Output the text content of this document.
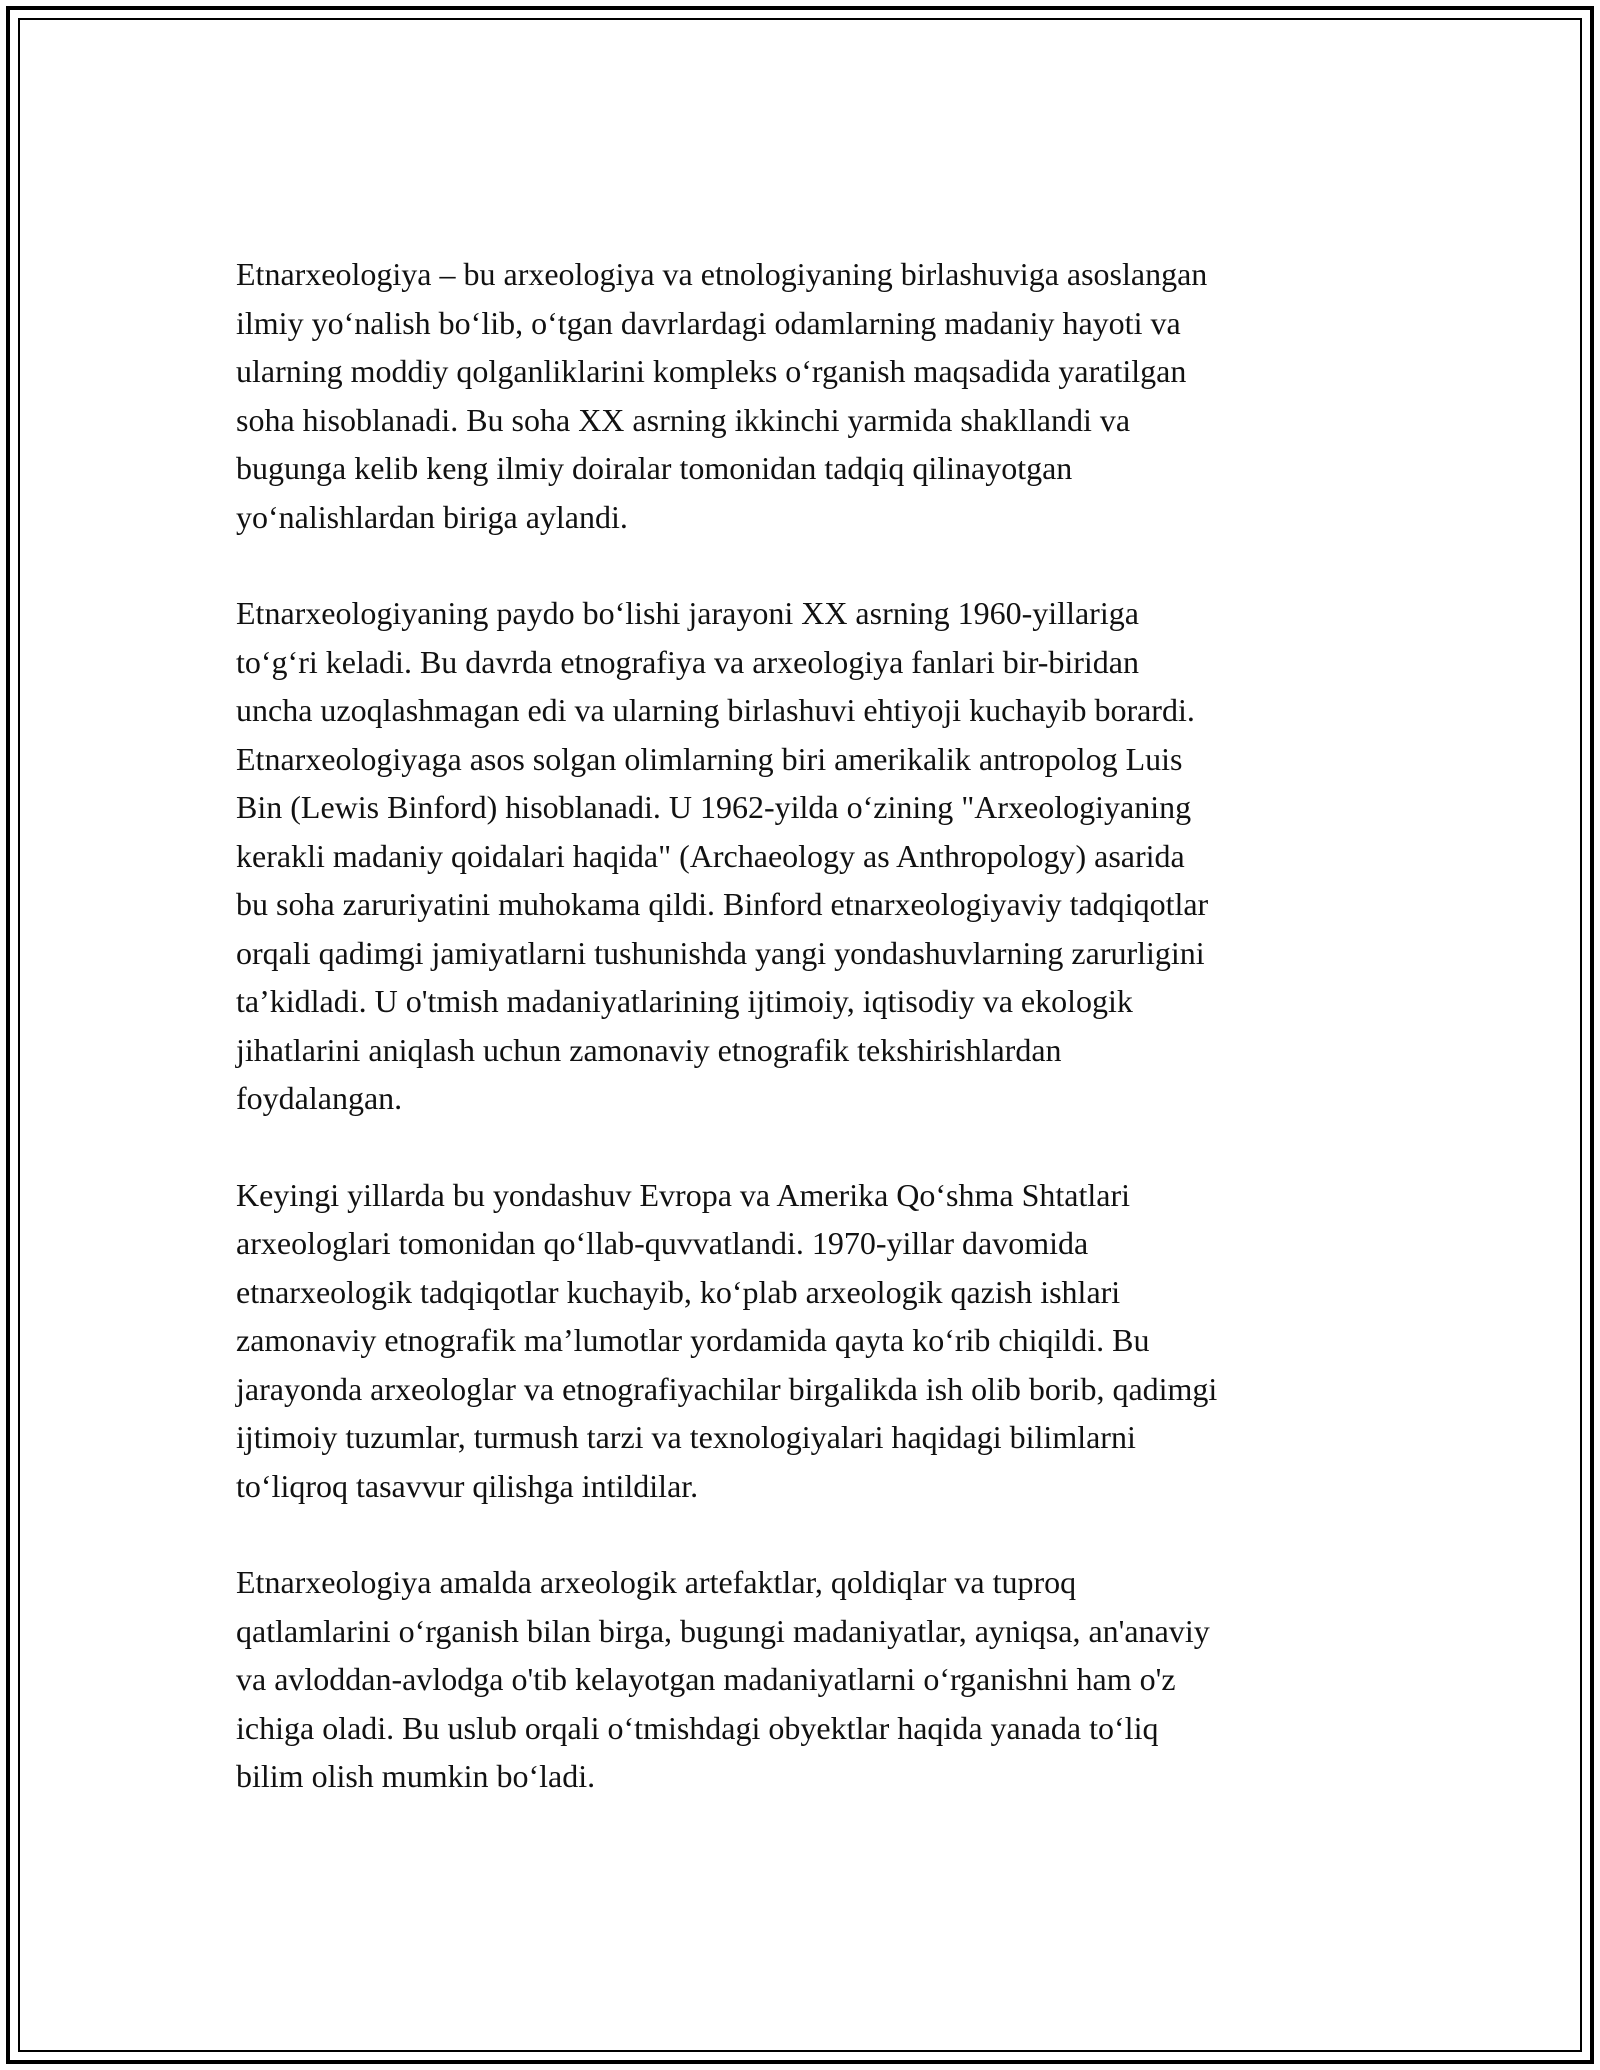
Etnarxeologiya – bu arxeologiya va etnologiyaning birlashuviga asoslangan
ilmiy yo‘nalish bo‘lib, o‘tgan davrlardagi odamlarning madaniy hayoti va
ularning moddiy qolganliklarini kompleks o‘rganish maqsadida yaratilgan
soha hisoblanadi. Bu soha XX asrning ikkinchi yarmida shakllandi va
bugunga kelib keng ilmiy doiralar tomonidan tadqiq qilinayotgan
yo‘nalishlardan biriga aylandi.

Etnarxeologiyaning paydo bo‘lishi jarayoni XX asrning 1960-yillariga
to‘g‘ri keladi. Bu davrda etnografiya va arxeologiya fanlari bir-biridan
uncha uzoqlashmagan edi va ularning birlashuvi ehtiyoji kuchayib borardi.
Etnarxeologiyaga asos solgan olimlarning biri amerikalik antropolog Luis
Bin (Lewis Binford) hisoblanadi. U 1962-yilda o‘zining "Arxeologiyaning
kerakli madaniy qoidalari haqida" (Archaeology as Anthropology) asarida
bu soha zaruriyatini muhokama qildi. Binford etnarxeologiyaviy tadqiqotlar
orqali qadimgi jamiyatlarni tushunishda yangi yondashuvlarning zarurligini
ta’kidladi. U o'tmish madaniyatlarining ijtimoiy, iqtisodiy va ekologik
jihatlarini aniqlash uchun zamonaviy etnografik tekshirishlardan
foydalangan.

Keyingi yillarda bu yondashuv Evropa va Amerika Qo‘shma Shtatlari
arxeologlari tomonidan qo‘llab-quvvatlandi. 1970-yillar davomida
etnarxeologik tadqiqotlar kuchayib, ko‘plab arxeologik qazish ishlari
zamonaviy etnografik ma’lumotlar yordamida qayta ko‘rib chiqildi. Bu
jarayonda arxeologlar va etnografiyachilar birgalikda ish olib borib, qadimgi
ijtimoiy tuzumlar, turmush tarzi va texnologiyalari haqidagi bilimlarni
to‘liqroq tasavvur qilishga intildilar.

Etnarxeologiya amalda arxeologik artefaktlar, qoldiqlar va tuproq
qatlamlarini o‘rganish bilan birga, bugungi madaniyatlar, ayniqsa, an'anaviy
va avloddan-avlodga o'tib kelayotgan madaniyatlarni o‘rganishni ham o'z
ichiga oladi. Bu uslub orqali o‘tmishdagi obyektlar haqida yanada to‘liq
bilim olish mumkin bo‘ladi.
